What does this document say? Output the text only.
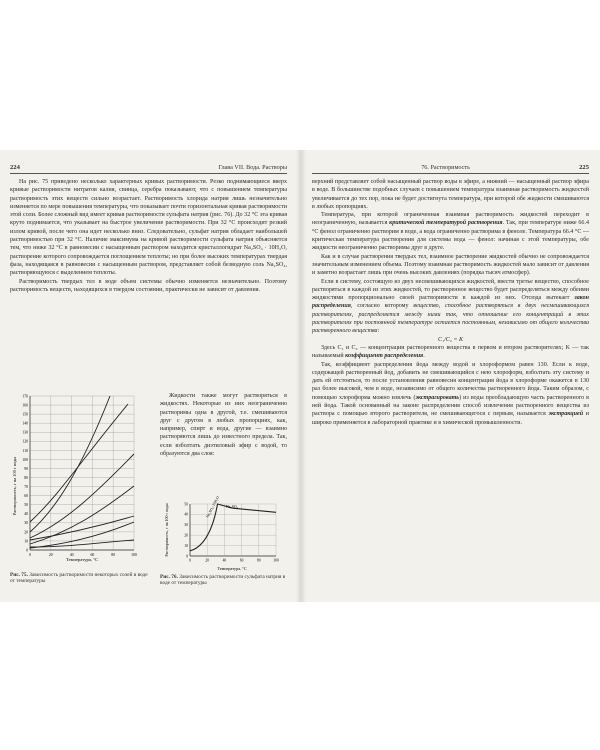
224	Глава VII. Вода. Растворы

На рис. 75 приведено несколько характерных кривых растворимости. Резко поднимающиеся вверх кривые растворимости нитратов калия, свинца, серебра показывают, что с повышением температуры растворимость этих веществ сильно возрастает. Растворимость хлорида натрия лишь незначительно изменяется по мере повышения температуры, что показывает почти горизонтальная кривая растворимости этой соли. Более сложный вид имеет кривая растворимости сульфата натрия (рис. 76). До 32 °С эта кривая круто поднимается, что указывает на быстрое увеличение растворимости. При 32 °С происходит резкий излом кривой, после чего она идет несколько вниз. Следовательно, сульфат натрия обладает наибольшей растворимостью при 32 °С. Наличие максимума на кривой растворимости сульфата натрия объясняется тем, что ниже 32 °С в равновесии с насыщенным раствором находится кристаллогидрат Na₂SO₄ · 10H₂O, растворение которого сопровождается поглощением теплоты; но при более высоких температурах твердая фаза, находящаяся в равновесии с насыщенным раствором, представляет собой безводную соль Na₂SO₄, растворяющуюся с выделением теплоты.

Растворимость твердых тел в воде объем системы обычно изменяется незначительно. Поэтому растворимость веществ, находящихся в твердом состоянии, практически не зависит от давления.

Растворимость, г на 100 г воды
0
10
20
30
40
50
60
70
80
90
100
110
120
130
140
150
160
170
0	20	40	60	80	100
Температура, °С
Рис. 75. Зависимость растворимости некоторых солей в воде от температуры

Жидкости также могут растворяться в жидкостях. Некоторые из них неограниченно растворимы одна в другой, т.е. смешиваются друг с другом в любых пропорциях, как, например, спирт и вода, другие — взаимно растворяются лишь до известного предела. Так, если взболтать диэтиловый эфир с водой, то образуются два слоя:

Растворимость, г на 100 г воды	0
10
20
30
40
50
0	20	40	60	80	100
Na₂SO₄·10H₂O Na₂SO₄
Температура, °С
Рис. 76. Зависимость растворимости сульфата натрия в воде от температуры
76. Растворимость	225

верхний представляет собой насыщенный раствор воды в эфире, а нижний — насыщенный раствор эфира в воде. В большинстве подобных случаев с повышением температуры взаимная растворимость жидкостей увеличивается до тех пор, пока не будет достигнута температура, при которой обе жидкости смешиваются в любых пропорциях.

Температура, при которой ограниченная взаимная растворимость жидкостей переходит в неограниченную, называется критической температурой растворения. Так, при температуре ниже 66.4 °С фенол ограниченно растворим в воде, а вода ограниченно растворима в феноле. Температура 66.4 °С — критическая температура растворения для системы вода — фенол: начиная с этой температуры, обе жидкости неограниченно растворимы друг в друге.

Как и в случае растворения твердых тел, взаимное растворение жидкостей обычно не сопровождается значительным изменением объема. Поэтому взаимная растворимость жидкостей мало зависит от давления и заметно возрастает лишь при очень высоких давлениях (порядка тысяч атмосфер).

Если в систему, состоящую из двух несмешивающихся жидкостей, ввести третье вещество, способное растворяться в каждой из этих жидкостей, то растворенное вещество будет распределяться между обеими жидкостями пропорционально своей растворимости в каждой из них. Отсюда вытекает закон распределения, согласно которому вещество, способное растворяться в двух несмешивающихся растворителях, распределяется между ними так, что отношение его концентраций в этих растворителях при постоянной температуре остается постоянным, независимо от общего количества растворенного вещества:

C₁/C₂ = K

Здесь C₁ и C₂ — концентрации растворенного вещества в первом и втором растворителях; K — так называемый коэффициент распределения.

Так, коэффициент распределения йода между водой и хлороформом равен 130. Если к воде, содержащей растворенный йод, добавить не смешивающийся с нею хлороформ, взболтать эту систему и дать ей отстояться, то после установления равновесия концентрация йода в хлороформе окажется в 130 раз более высокой, чем в воде, независимо от общего количества растворенного йода. Таким образом, с помощью хлороформа можно извлечь (экстрагировать) из воды преобладающую часть растворенного в ней йода. Такой основанный на законе распределения способ извлечения растворенного вещества из раствора с помощью второго растворителя, не смешивающегося с первым, называется экстракцией и широко применяется в лабораторной практике и в химической промышленности.
